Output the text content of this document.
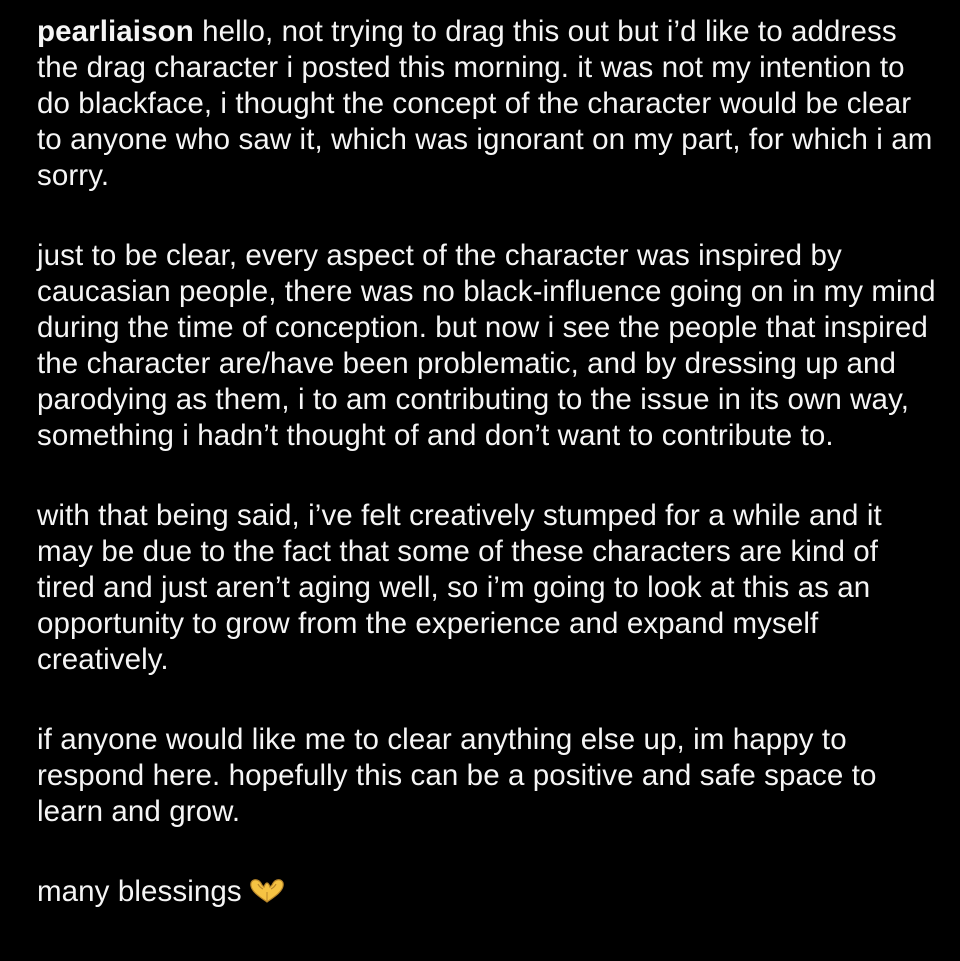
pearliaison hello, not trying to drag this out but i’d like to address the drag character i posted this morning. it was not my intention to do blackface, i thought the concept of the character would be clear to anyone who saw it, which was ignorant on my part, for which i am sorry.

just to be clear, every aspect of the character was inspired by caucasian people, there was no black-influence going on in my mind during the time of conception. but now i see the people that inspired the character are/have been problematic, and by dressing up and parodying as them, i to am contributing to the issue in its own way, something i hadn’t thought of and don’t want to contribute to.

with that being said, i’ve felt creatively stumped for a while and it may be due to the fact that some of these characters are kind of tired and just aren’t aging well, so i’m going to look at this as an opportunity to grow from the experience and expand myself creatively.

if anyone would like me to clear anything else up, im happy to respond here. hopefully this can be a positive and safe space to learn and grow.

many blessings
